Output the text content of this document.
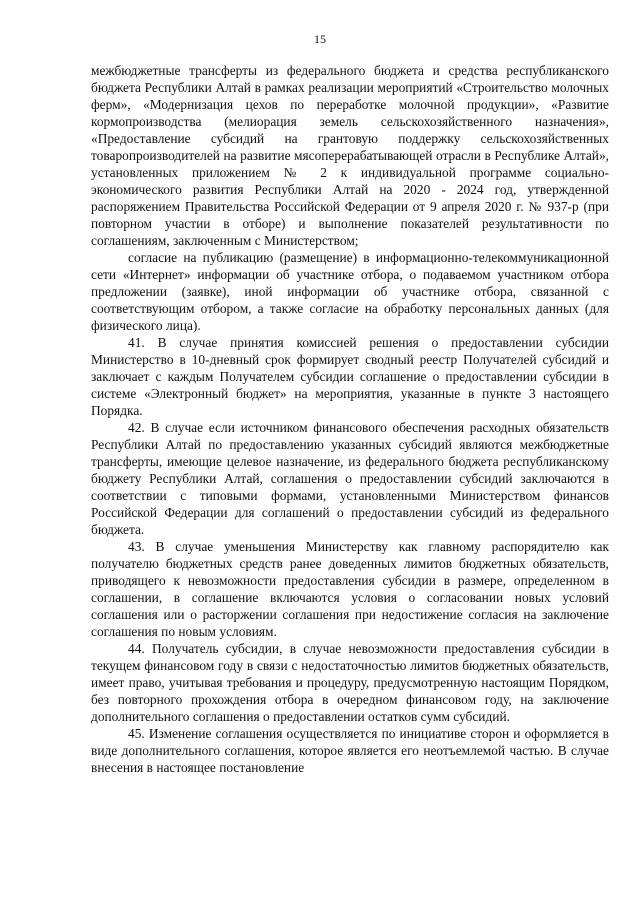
15

межбюджетные трансферты из федерального бюджета и средства республиканского бюджета Республики Алтай в рамках реализации мероприятий «Строительство молочных ферм», «Модернизация цехов по переработке молочной продукции», «Развитие кормопроизводства (мелиорация земель сельскохозяйственного назначения», «Предоставление субсидий на грантовую поддержку сельскохозяйственных товаропроизводителей на развитие мясоперерабатывающей отрасли в Республике Алтай», установленных приложением № 2 к индивидуальной программе социально-экономического развития Республики Алтай на 2020 - 2024 год, утвержденной распоряжением Правительства Российской Федерации от 9 апреля 2020 г. № 937-р (при повторном участии в отборе) и выполнение показателей результативности по соглашениям, заключенным с Министерством;

согласие на публикацию (размещение) в информационно-телекоммуникационной сети «Интернет» информации об участнике отбора, о подаваемом участником отбора предложении (заявке), иной информации об участнике отбора, связанной с соответствующим отбором, а также согласие на обработку персональных данных (для физического лица).

41. В случае принятия комиссией решения о предоставлении субсидии Министерство в 10-дневный срок формирует сводный реестр Получателей субсидий и заключает с каждым Получателем субсидии соглашение о предоставлении субсидии в системе «Электронный бюджет» на мероприятия, указанные в пункте 3 настоящего Порядка.

42. В случае если источником финансового обеспечения расходных обязательств Республики Алтай по предоставлению указанных субсидий являются межбюджетные трансферты, имеющие целевое назначение, из федерального бюджета республиканскому бюджету Республики Алтай, соглашения о предоставлении субсидий заключаются в соответствии с типовыми формами, установленными Министерством финансов Российской Федерации для соглашений о предоставлении субсидий из федерального бюджета.

43. В случае уменьшения Министерству как главному распорядителю как получателю бюджетных средств ранее доведенных лимитов бюджетных обязательств, приводящего к невозможности предоставления субсидии в размере, определенном в соглашении, в соглашение включаются условия о согласовании новых условий соглашения или о расторжении соглашения при недостижение согласия на заключение соглашения по новым условиям.

44. Получатель субсидии, в случае невозможности предоставления субсидии в текущем финансовом году в связи с недостаточностью лимитов бюджетных обязательств, имеет право, учитывая требования и процедуру, предусмотренную настоящим Порядком, без повторного прохождения отбора в очередном финансовом году, на заключение дополнительного соглашения о предоставлении остатков сумм субсидий.

45. Изменение соглашения осуществляется по инициативе сторон и оформляется в виде дополнительного соглашения, которое является его неотъемлемой частью. В случае внесения в настоящее постановление
